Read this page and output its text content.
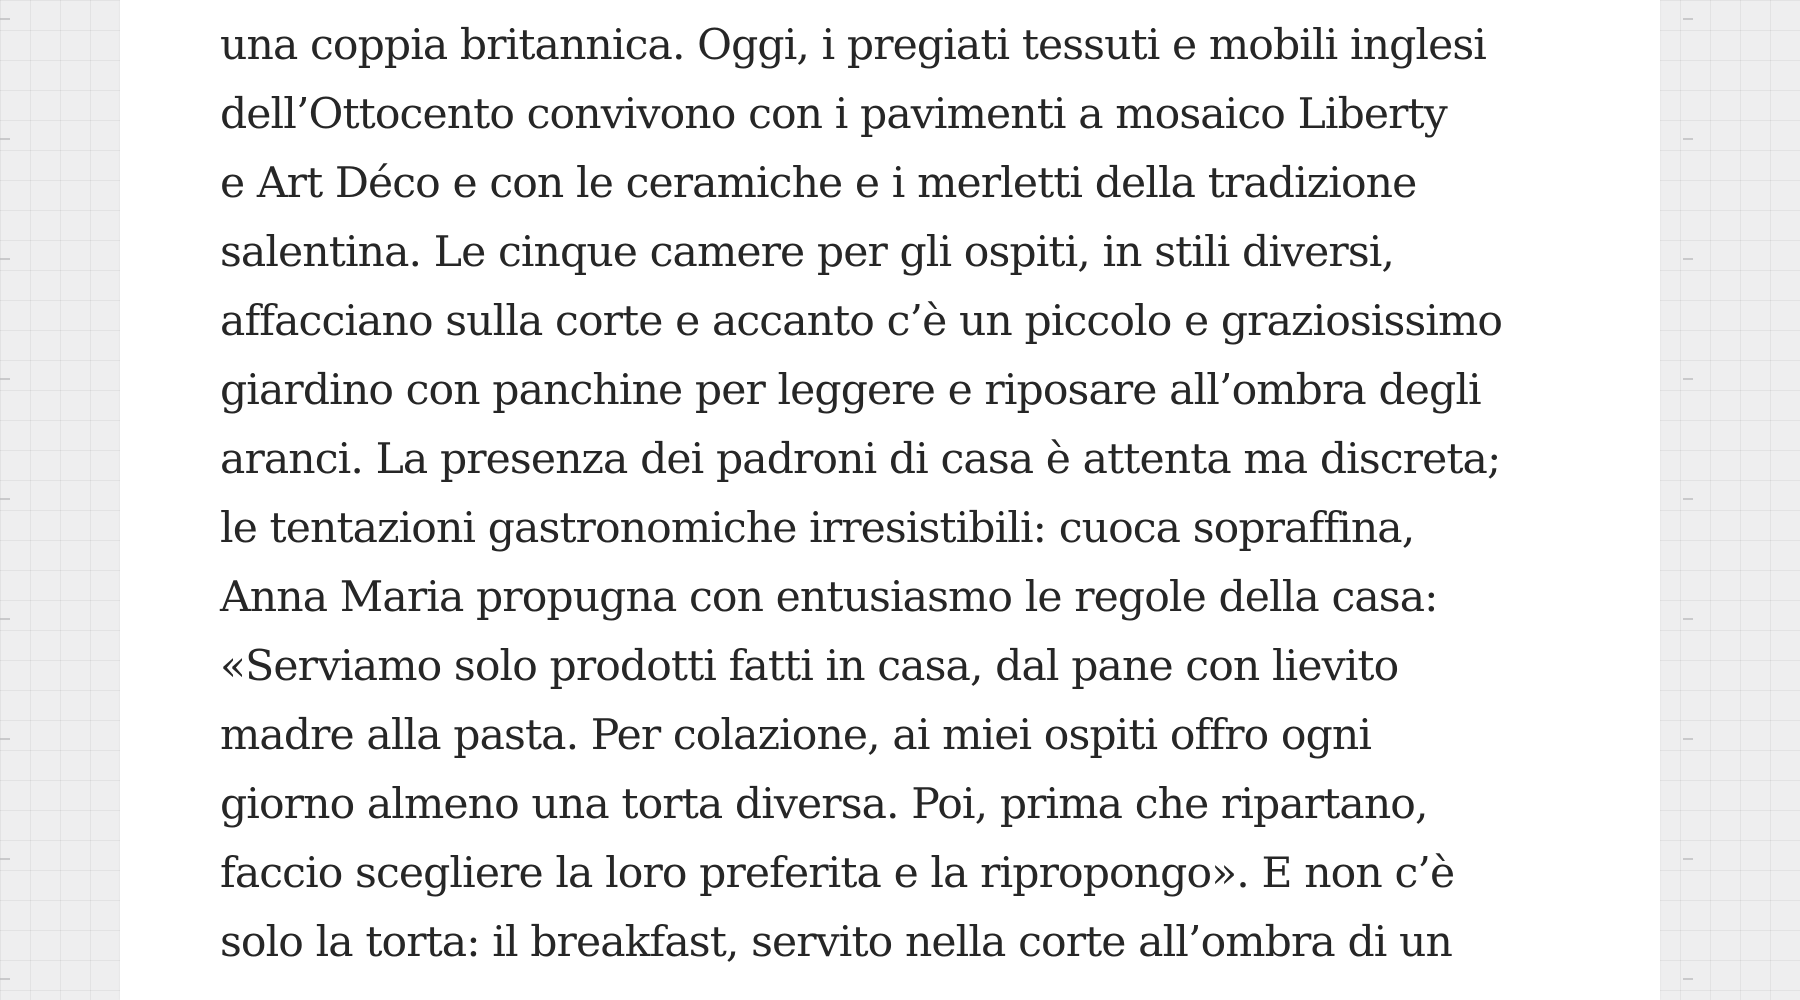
una coppia britannica. Oggi, i pregiati tessuti e mobili inglesi
dell’Ottocento convivono con i pavimenti a mosaico Liberty
e Art Déco e con le ceramiche e i merletti della tradizione
salentina. Le cinque camere per gli ospiti, in stili diversi,
affacciano sulla corte e accanto c’è un piccolo e graziosissimo
giardino con panchine per leggere e riposare all’ombra degli
aranci. La presenza dei padroni di casa è attenta ma discreta;
le tentazioni gastronomiche irresistibili: cuoca sopraffina,
Anna Maria propugna con entusiasmo le regole della casa:
«Serviamo solo prodotti fatti in casa, dal pane con lievito
madre alla pasta. Per colazione, ai miei ospiti offro ogni
giorno almeno una torta diversa. Poi, prima che ripartano,
faccio scegliere la loro preferita e la ripropongo». E non c’è
solo la torta: il breakfast, servito nella corte all’ombra di un
